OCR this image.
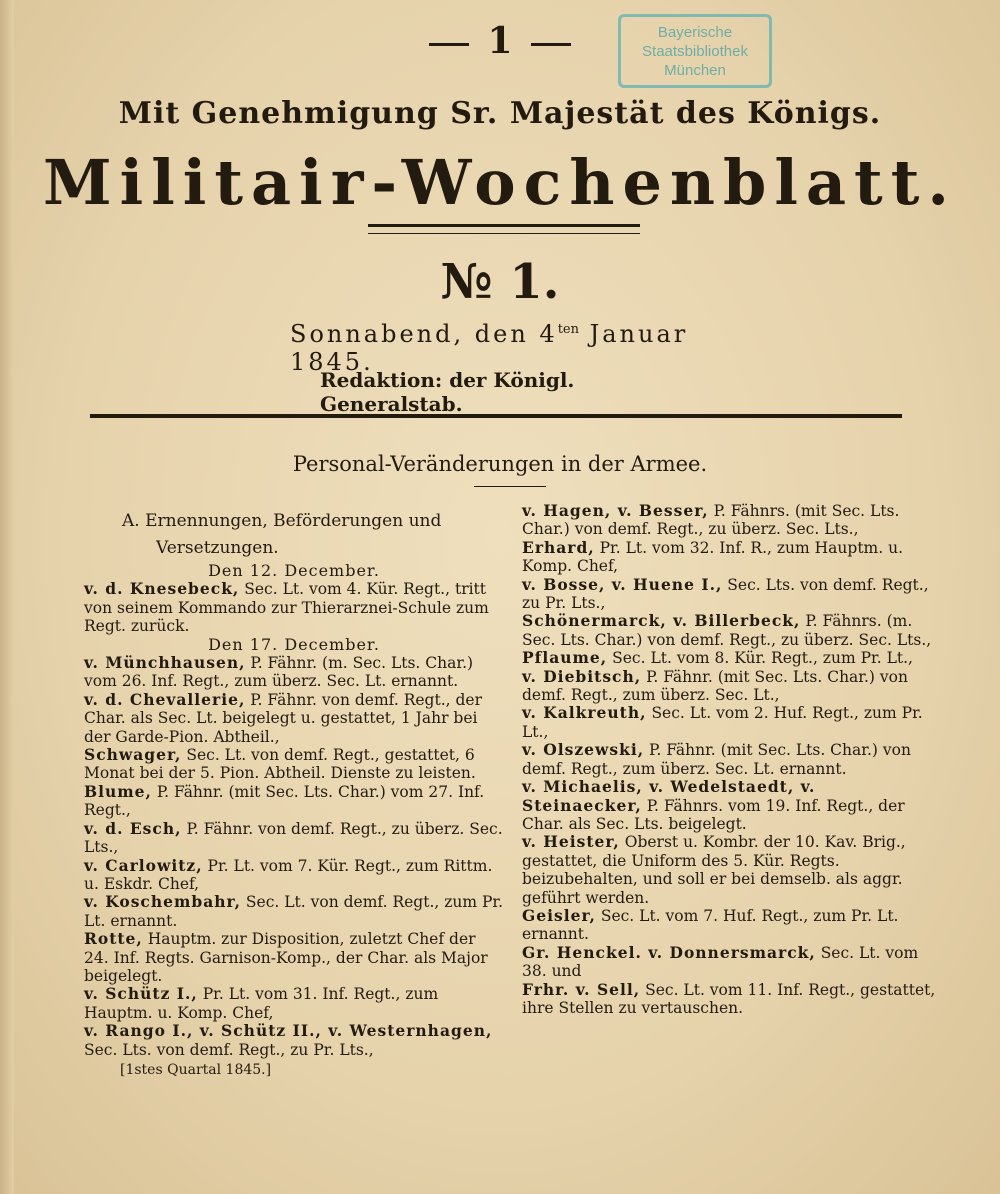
1	Bayerische
Staatsbibliothek
München
Mit Genehmigung Sr. Majestät des Königs.
Militair-Wochenblatt.
№ 1.
Sonnabend, den $4^{ten}$ Januar 1845.
Redaktion: der Königl. Generalstab.
Personal-Veränderungen in der Armee.

A. Ernennungen, Beförderungen und

Versetzungen.

Den 12. December.

v. d. Knesebeck, Sec. Lt. vom 4. Kür. Regt., tritt von seinem Kommando zur Thierarznei-Schule zum Regt. zurück.

Den 17. December.

v. Münchhausen, P. Fähnr. (m. Sec. Lts. Char.) vom 26. Inf. Regt., zum überz. Sec. Lt. ernannt.

v. d. Chevallerie, P. Fähnr. von demf. Regt., der Char. als Sec. Lt. beigelegt u. gestattet, 1 Jahr bei der Garde-Pion. Abtheil.,

Schwager, Sec. Lt. von demf. Regt., gestattet, 6 Monat bei der 5. Pion. Abtheil. Dienste zu leisten.

Blume, P. Fähnr. (mit Sec. Lts. Char.) vom 27. Inf. Regt.,

v. d. Esch, P. Fähnr. von demf. Regt., zu überz. Sec. Lts.,

v. Carlowitz, Pr. Lt. vom 7. Kür. Regt., zum Rittm. u. Eskdr. Chef,

v. Koschembahr, Sec. Lt. von demf. Regt., zum Pr. Lt. ernannt.

Rotte, Hauptm. zur Disposition, zuletzt Chef der 24. Inf. Regts. Garnison-Komp., der Char. als Major beigelegt.

v. Schütz I., Pr. Lt. vom 31. Inf. Regt., zum Hauptm. u. Komp. Chef,

v. Rango I., v. Schütz II., v. Westernhagen, Sec. Lts. von demf. Regt., zu Pr. Lts.,

[1stes Quartal 1845.]

v. Hagen, v. Besser, P. Fähnrs. (mit Sec. Lts. Char.) von demf. Regt., zu überz. Sec. Lts.,

Erhard, Pr. Lt. vom 32. Inf. R., zum Hauptm. u. Komp. Chef,

v. Bosse, v. Huene I., Sec. Lts. von demf. Regt., zu Pr. Lts.,

Schönermarck, v. Billerbeck, P. Fähnrs. (m. Sec. Lts. Char.) von demf. Regt., zu überz. Sec. Lts.,

Pflaume, Sec. Lt. vom 8. Kür. Regt., zum Pr. Lt.,

v. Diebitsch, P. Fähnr. (mit Sec. Lts. Char.) von demf. Regt., zum überz. Sec. Lt.,

v. Kalkreuth, Sec. Lt. vom 2. Huf. Regt., zum Pr. Lt.,

v. Olszewski, P. Fähnr. (mit Sec. Lts. Char.) von demf. Regt., zum überz. Sec. Lt. ernannt.

v. Michaelis, v. Wedelstaedt, v. Steinaecker, P. Fähnrs. vom 19. Inf. Regt., der Char. als Sec. Lts. beigelegt.

v. Heister, Oberst u. Kombr. der 10. Kav. Brig., gestattet, die Uniform des 5. Kür. Regts. beizubehalten, und soll er bei demselb. als aggr. geführt werden.

Geisler, Sec. Lt. vom 7. Huf. Regt., zum Pr. Lt. ernannt.

Gr. Henckel. v. Donnersmarck, Sec. Lt. vom 38. und

Frhr. v. Sell, Sec. Lt. vom 11. Inf. Regt., gestattet, ihre Stellen zu vertauschen.
